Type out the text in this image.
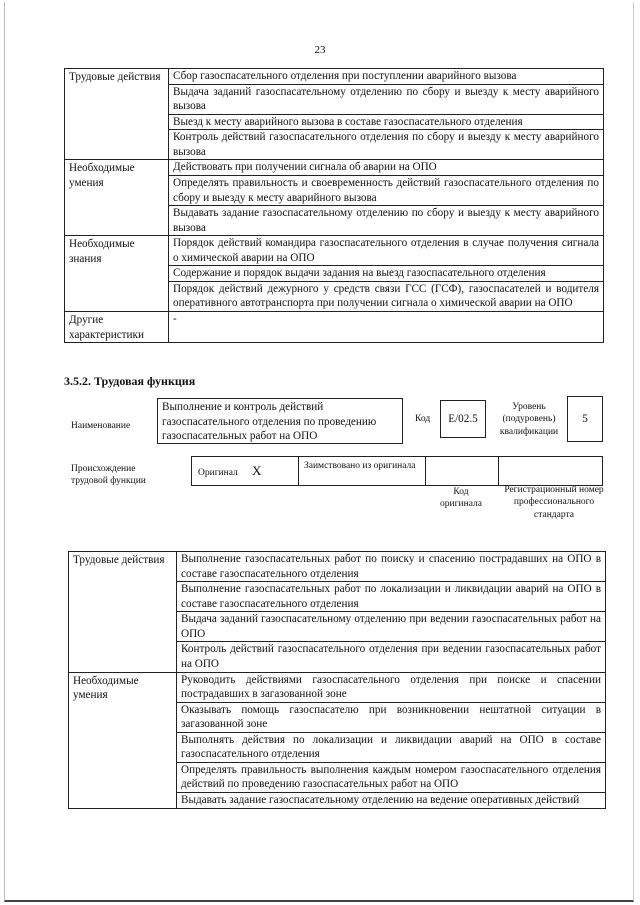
23
Трудовые действия	Сбор газоспасательного отделения при поступлении аварийного вызова
	Выдача заданий газоспасательному отделению по сбору и выезду к месту аварийного вызова
	Выезд к месту аварийного вызова в составе газоспасательного отделения
	Контроль действий газоспасательного отделения по сбору и выезду к месту аварийного вызова
Необходимые умения	Действовать при получении сигнала об аварии на ОПО
	Определять правильность и своевременность действий газоспасательного отделения по сбору и выезду к месту аварийного вызова
	Выдавать задание газоспасательному отделению по сбору и выезду к месту аварийного вызова
Необходимые знания	Порядок действий командира газоспасательного отделения в случае получения сигнала о химической аварии на ОПО
	Содержание и порядок выдачи задания на выезд газоспасательного отделения
	Порядок действий дежурного у средств связи ГСС (ГСФ), газоспасателей и водителя оперативного автотранспорта при получении сигнала о химической аварии на ОПО
Другие характеристики	-
3.5.2. Трудовая функция
Наименование
Выполнение и контроль действий газоспасательного отделения по проведению газоспасательных работ на ОПО
Код	E/02.5
Уровень (подуровень) квалификации
5
Происхождение трудовой функции
Оригинал X	Заимствовано из оригинала
Код оригинала
Регистрационный номер профессионального стандарта
Трудовые действия	Выполнение газоспасательных работ по поиску и спасению пострадавших на ОПО в составе газоспасательного отделения
	Выполнение газоспасательных работ по локализации и ликвидации аварий на ОПО в составе газоспасательного отделения
	Выдача заданий газоспасательному отделению при ведении газоспасательных работ на ОПО
	Контроль действий газоспасательного отделения при ведении газоспасательных работ на ОПО
Необходимые умения	Руководить действиями газоспасательного отделения при поиске и спасении пострадавших в загазованной зоне
	Оказывать помощь газоспасателю при возникновении нештатной ситуации в загазованной зоне
	Выполнять действия по локализации и ликвидации аварий на ОПО в составе газоспасательного отделения
	Определять правильность выполнения каждым номером газоспасательного отделения действий по проведению газоспасательных работ на ОПО
	Выдавать задание газоспасательному отделению на ведение оперативных действий
